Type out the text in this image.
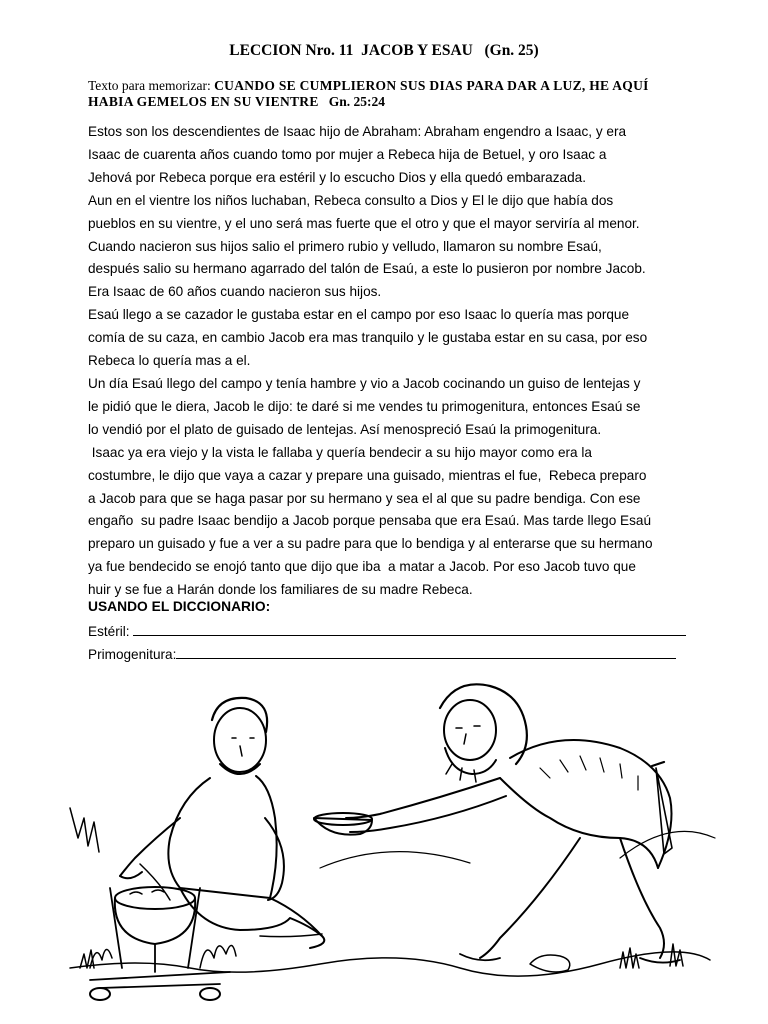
LECCION Nro. 11  JACOB Y ESAU   (Gn. 25)
Texto para memorizar: CUANDO SE CUMPLIERON SUS DIAS PARA DAR A LUZ, HE AQUÍ
HABIA GEMELOS EN SU VIENTRE Gn. 25:24
Estos son los descendientes de Isaac hijo de Abraham: Abraham engendro a Isaac, y era
Isaac de cuarenta años cuando tomo por mujer a Rebeca hija de Betuel, y oro Isaac a
Jehová por Rebeca porque era estéril y lo escucho Dios y ella quedó embarazada.
Aun en el vientre los niños luchaban, Rebeca consulto a Dios y El le dijo que había dos
pueblos en su vientre, y el uno será mas fuerte que el otro y que el mayor serviría al menor.
Cuando nacieron sus hijos salio el primero rubio y velludo, llamaron su nombre Esaú,
después salio su hermano agarrado del talón de Esaú, a este lo pusieron por nombre Jacob.
Era Isaac de 60 años cuando nacieron sus hijos.
Esaú llego a se cazador le gustaba estar en el campo por eso Isaac lo quería mas porque
comía de su caza, en cambio Jacob era mas tranquilo y le gustaba estar en su casa, por eso
Rebeca lo quería mas a el.
Un día Esaú llego del campo y tenía hambre y vio a Jacob cocinando un guiso de lentejas y
le pidió que le diera, Jacob le dijo: te daré si me vendes tu primogenitura, entonces Esaú se
lo vendió por el plato de guisado de lentejas. Así menospreció Esaú la primogenitura.
Isaac ya era viejo y la vista le fallaba y quería bendecir a su hijo mayor como era la
costumbre, le dijo que vaya a cazar y prepare una guisado, mientras el fue,  Rebeca preparo
a Jacob para que se haga pasar por su hermano y sea el al que su padre bendiga. Con ese
engaño  su padre Isaac bendijo a Jacob porque pensaba que era Esaú. Mas tarde llego Esaú
preparo un guisado y fue a ver a su padre para que lo bendiga y al enterarse que su hermano
ya fue bendecido se enojó tanto que dijo que iba  a matar a Jacob. Por eso Jacob tuvo que
huir y se fue a Harán donde los familiares de su madre Rebeca.
USANDO EL DICCIONARIO:
Estéril:
Primogenitura:
